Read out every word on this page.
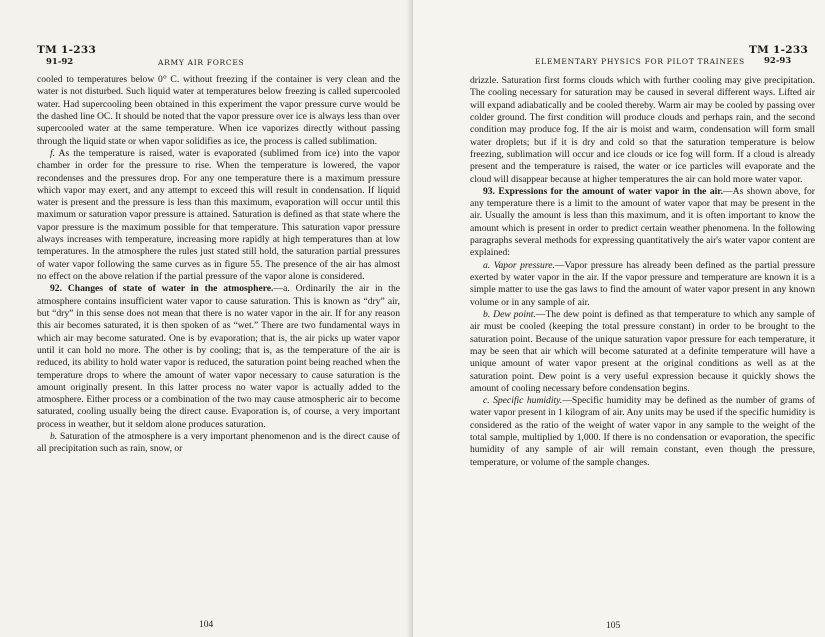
TM 1-233
91-92	ARMY AIR FORCES

cooled to temperatures below 0° C. without freezing if the container is very clean and the water is not disturbed. Such liquid water at temperatures below freezing is called supercooled water. Had supercooling been obtained in this experiment the vapor pressure curve would be the dashed line OC. It should be noted that the vapor pressure over ice is always less than over supercooled water at the same temperature. When ice vaporizes directly without passing through the liquid state or when vapor solidifies as ice, the process is called sublimation.

f. As the temperature is raised, water is evaporated (sublimed from ice) into the vapor chamber in order for the pressure to rise. When the temperature is lowered, the vapor recondenses and the pressures drop. For any one temperature there is a maximum pressure which vapor may exert, and any attempt to exceed this will result in condensation. If liquid water is present and the pressure is less than this maximum, evaporation will occur until this maximum or saturation vapor pressure is attained. Saturation is defined as that state where the vapor pressure is the maximum possible for that temperature. This saturation vapor pressure always increases with temperature, increasing more rapidly at high temperatures than at low temperatures. In the atmosphere the rules just stated still hold, the saturation partial pressures of water vapor following the same curves as in figure 55. The presence of the air has almost no effect on the above relation if the partial pressure of the vapor alone is considered.

92. Changes of state of water in the atmosphere.—a. Ordinarily the air in the atmosphere contains insufficient water vapor to cause saturation. This is known as “dry” air, but “dry” in this sense does not mean that there is no water vapor in the air. If for any reason this air becomes saturated, it is then spoken of as “wet.” There are two fundamental ways in which air may become saturated. One is by evaporation; that is, the air picks up water vapor until it can hold no more. The other is by cooling; that is, as the temperature of the air is reduced, its ability to hold water vapor is reduced, the saturation point being reached when the temperature drops to where the amount of water vapor necessary to cause saturation is the amount originally present. In this latter process no water vapor is actually added to the atmosphere. Either process or a combination of the two may cause atmospheric air to become saturated, cooling usually being the direct cause. Evaporation is, of course, a very important process in weather, but it seldom alone produces saturation.

b. Saturation of the atmosphere is a very important phenomenon and is the direct cause of all precipitation such as rain, snow, or

104
TM 1-233
ELEMENTARY PHYSICS FOR PILOT TRAINEES 92-93

drizzle. Saturation first forms clouds which with further cooling may give precipitation. The cooling necessary for saturation may be caused in several different ways. Lifted air will expand adiabatically and be cooled thereby. Warm air may be cooled by passing over colder ground. The first condition will produce clouds and perhaps rain, and the second condition may produce fog. If the air is moist and warm, condensation will form small water droplets; but if it is dry and cold so that the saturation temperature is below freezing, sublimation will occur and ice clouds or ice fog will form. If a cloud is already present and the temperature is raised, the water or ice particles will evaporate and the cloud will disappear because at higher temperatures the air can hold more water vapor.

93. Expressions for the amount of water vapor in the air.—As shown above, for any temperature there is a limit to the amount of water vapor that may be present in the air. Usually the amount is less than this maximum, and it is often important to know the amount which is present in order to predict certain weather phenomena. In the following paragraphs several methods for expressing quantitatively the air's water vapor content are explained:

a. Vapor pressure.—Vapor pressure has already been defined as the partial pressure exerted by water vapor in the air. If the vapor pressure and temperature are known it is a simple matter to use the gas laws to find the amount of water vapor present in any known volume or in any sample of air.

b. Dew point.—The dew point is defined as that temperature to which any sample of air must be cooled (keeping the total pressure constant) in order to be brought to the saturation point. Because of the unique saturation vapor pressure for each temperature, it may be seen that air which will become saturated at a definite temperature will have a unique amount of water vapor present at the original conditions as well as at the saturation point. Dew point is a very useful expression because it quickly shows the amount of cooling necessary before condensation begins.

c. Specific humidity.—Specific humidity may be defined as the number of grams of water vapor present in 1 kilogram of air. Any units may be used if the specific humidity is considered as the ratio of the weight of water vapor in any sample to the weight of the total sample, multiplied by 1,000. If there is no condensation or evaporation, the specific humidity of any sample of air will remain constant, even though the pressure, temperature, or volume of the sample changes.

105
